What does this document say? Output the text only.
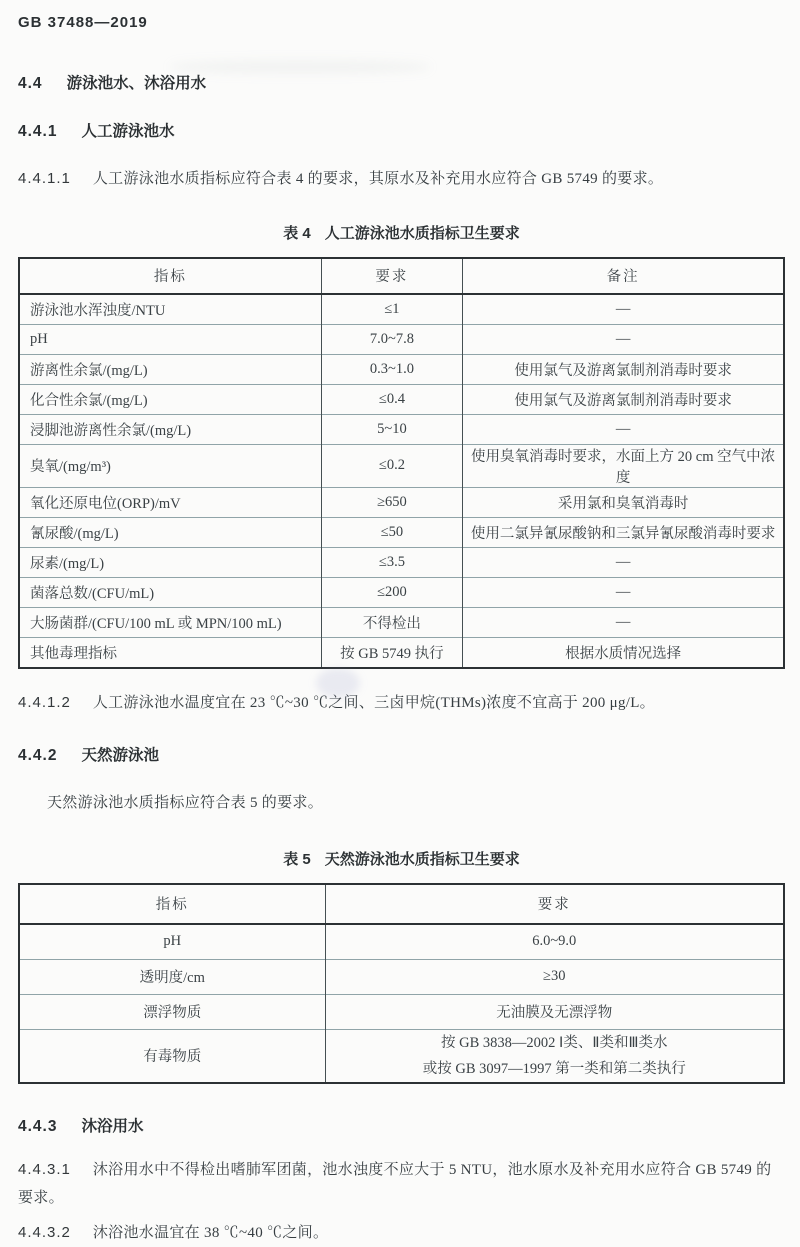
GB 37488—2019

4.4 游泳池水、沐浴用水

4.4.1 人工游泳池水

4.4.1.1 人工游泳池水质指标应符合表 4 的要求，其原水及补充用水应符合 GB 5749 的要求。

表 4 人工游泳池水质指标卫生要求

指标	要求	备注
游泳池水浑浊度/NTU	≤1	—
pH	7.0~7.8	—
游离性余氯/(mg/L)	0.3~1.0	使用氯气及游离氯制剂消毒时要求
化合性余氯/(mg/L)	≤0.4	使用氯气及游离氯制剂消毒时要求
浸脚池游离性余氯/(mg/L)	5~10	—
臭氧/(mg/m³)	≤0.2	使用臭氧消毒时要求，水面上方 20 cm 空气中浓度
氧化还原电位(ORP)/mV	≥650	采用氯和臭氧消毒时
氰尿酸/(mg/L)	≤50	使用二氯异氰尿酸钠和三氯异氰尿酸消毒时要求
尿素/(mg/L)	≤3.5	—
菌落总数/(CFU/mL)	≤200	—
大肠菌群/(CFU/100 mL 或 MPN/100 mL)	不得检出	—
其他毒理指标	按 GB 5749 执行	根据水质情况选择

4.4.1.2 人工游泳池水温度宜在 23 ℃~30 ℃之间、三卤甲烷(THMs)浓度不宜高于 200 μg/L。

4.4.2 天然游泳池

天然游泳池水质指标应符合表 5 的要求。

表 5 天然游泳池水质指标卫生要求

指标	要求
pH	6.0~9.0
透明度/cm	≥30
漂浮物质	无油膜及无漂浮物
有毒物质	按 GB 3838—2002 Ⅰ类、Ⅱ类和Ⅲ类水
或按 GB 3097—1997 第一类和第二类执行

4.4.3 沐浴用水

4.4.3.1 沐浴用水中不得检出嗜肺军团菌，池水浊度不应大于 5 NTU，池水原水及补充用水应符合 GB 5749 的要求。

4.4.3.2 沐浴池水温宜在 38 ℃~40 ℃之间。
